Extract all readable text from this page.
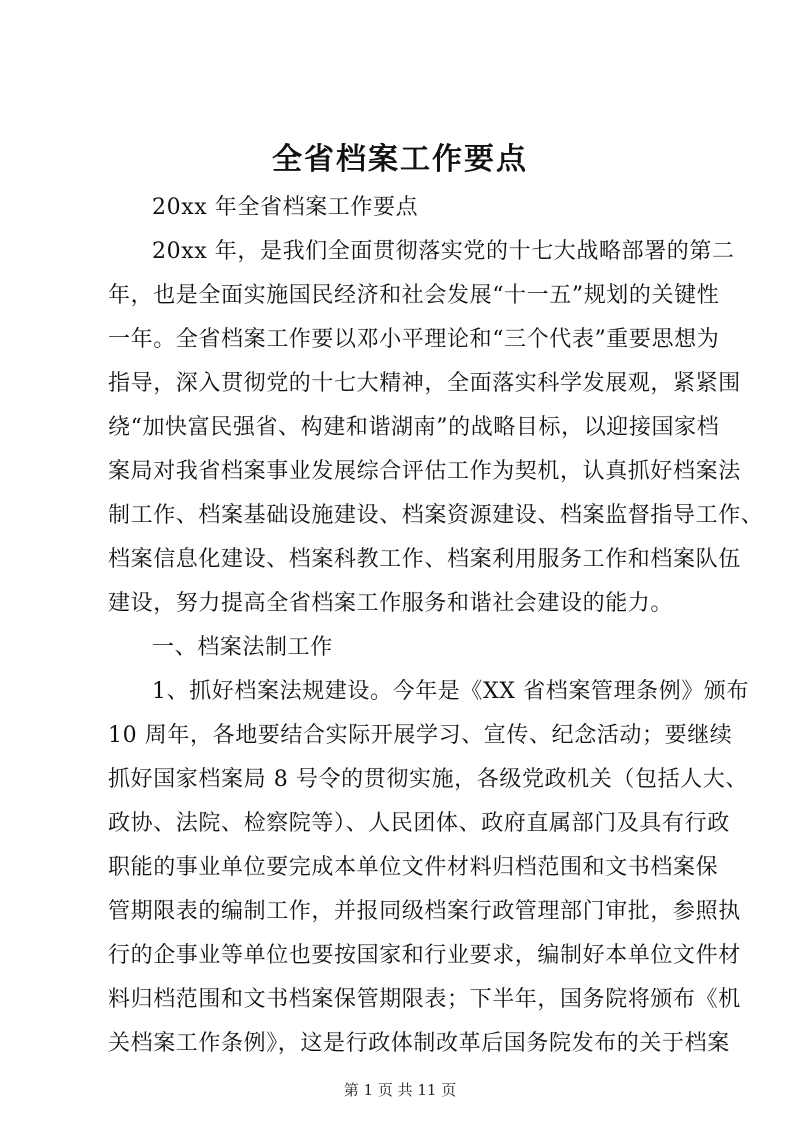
全省档案工作要点
20xx 年全省档案工作要点
20xx 年，是我们全面贯彻落实党的十七大战略部署的第二
年，也是全面实施国民经济和社会发展“十一五”规划的关键性
一年。全省档案工作要以邓小平理论和“三个代表”重要思想为
指导，深入贯彻党的十七大精神，全面落实科学发展观，紧紧围
绕“加快富民强省、构建和谐湖南”的战略目标，以迎接国家档
案局对我省档案事业发展综合评估工作为契机，认真抓好档案法
制工作、档案基础设施建设、档案资源建设、档案监督指导工作、
档案信息化建设、档案科教工作、档案利用服务工作和档案队伍
建设，努力提高全省档案工作服务和谐社会建设的能力。
一、档案法制工作
1、抓好档案法规建设。今年是《XX 省档案管理条例》颁布
10 周年，各地要结合实际开展学习、宣传、纪念活动；要继续
抓好国家档案局 8 号令的贯彻实施，各级党政机关（包括人大、
政协、法院、检察院等）、人民团体、政府直属部门及具有行政
职能的事业单位要完成本单位文件材料归档范围和文书档案保
管期限表的编制工作，并报同级档案行政管理部门审批，参照执
行的企事业等单位也要按国家和行业要求，编制好本单位文件材
料归档范围和文书档案保管期限表；下半年，国务院将颁布《机
关档案工作条例》，这是行政体制改革后国务院发布的关于档案
第 1 页 共 11 页
